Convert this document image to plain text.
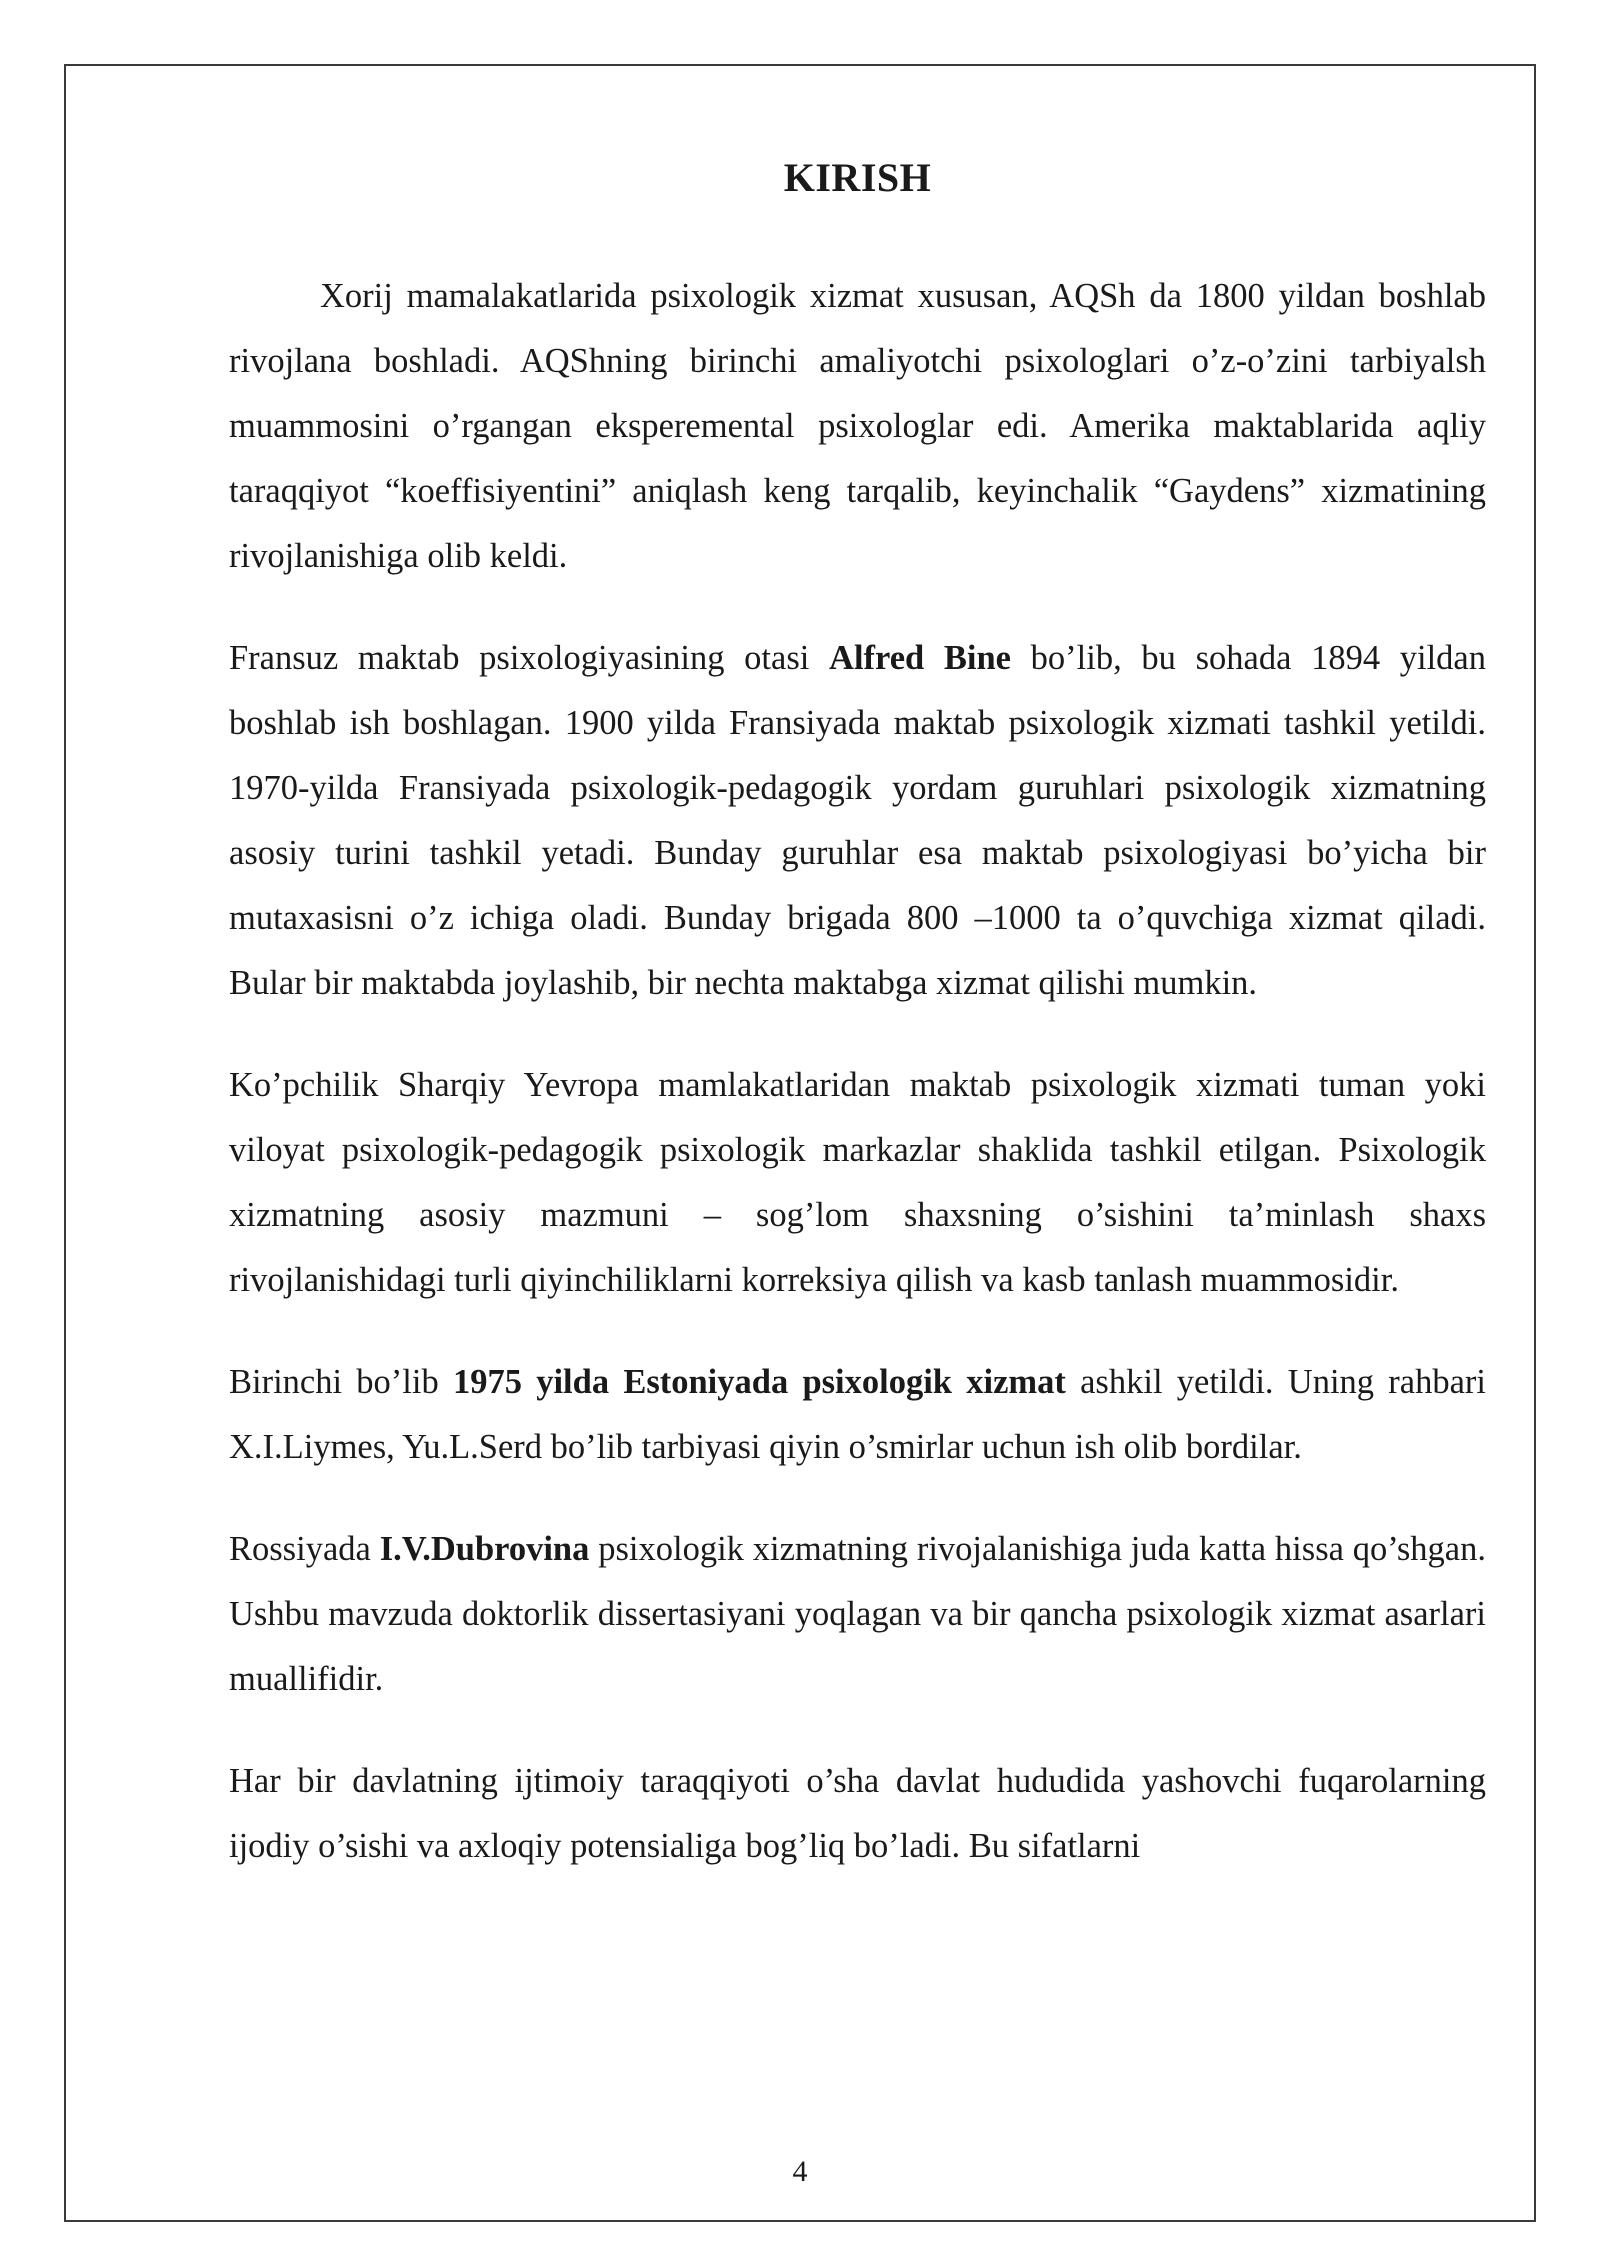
KIRISH

Xorij mamalakatlarida psixologik xizmat xususan, AQSh da 1800 yildan boshlab rivojlana boshladi. AQShning birinchi amaliyotchi psixologlari o’z-o’zini tarbiyalsh muammosini o’rgangan eksperemental psixologlar edi. Amerika maktablarida aqliy taraqqiyot “koeffisiyentini” aniqlash keng tarqalib, keyinchalik “Gaydens” xizmatining rivojlanishiga olib keldi.

Fransuz maktab psixologiyasining otasi Alfred Bine bo’lib, bu sohada 1894 yildan boshlab ish boshlagan. 1900 yilda Fransiyada maktab psixologik xizmati tashkil yetildi. 1970-yilda Fransiyada psixologik-pedagogik yordam guruhlari psixologik xizmatning asosiy turini tashkil yetadi. Bunday guruhlar esa maktab psixologiyasi bo’yicha bir mutaxasisni o’z ichiga oladi. Bunday brigada 800 –1000 ta o’quvchiga xizmat qiladi. Bular bir maktabda joylashib, bir nechta maktabga xizmat qilishi mumkin.

Ko’pchilik Sharqiy Yevropa mamlakatlaridan maktab psixologik xizmati tuman yoki viloyat psixologik-pedagogik psixologik markazlar shaklida tashkil etilgan. Psixologik xizmatning asosiy mazmuni – sog’lom shaxsning o’sishini ta’minlash shaxs rivojlanishidagi turli qiyinchiliklarni korreksiya qilish va kasb tanlash muammosidir.

Birinchi bo’lib 1975 yilda Estoniyada psixologik xizmat ashkil yetildi. Uning rahbari X.I.Liymes, Yu.L.Serd bo’lib tarbiyasi qiyin o’smirlar uchun ish olib bordilar.

Rossiyada I.V.Dubrovina psixologik xizmatning rivojalanishiga juda katta hissa qo’shgan. Ushbu mavzuda doktorlik dissertasiyani yoqlagan va bir qancha psixologik xizmat asarlari muallifidir.

Har bir davlatning ijtimoiy taraqqiyoti o’sha davlat hududida yashovchi fuqarolarning ijodiy o’sishi va axloqiy potensialiga bog’liq bo’ladi. Bu sifatlarni

4
